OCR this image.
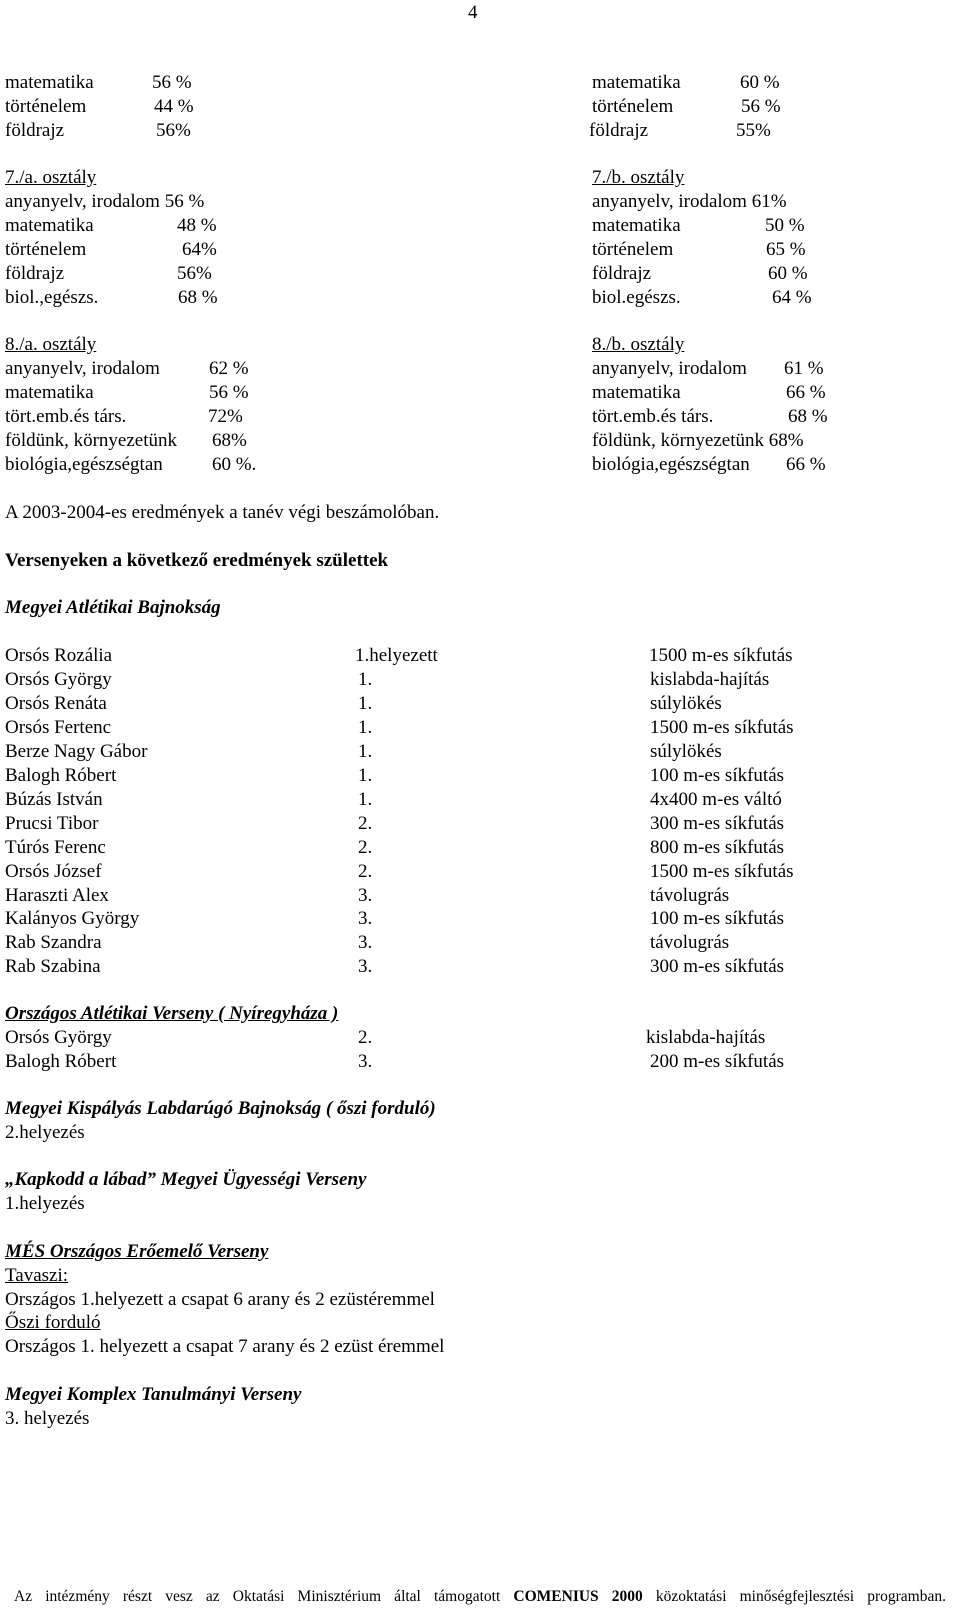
4
matematika	56 %
történelem	44 %
földrajz	56%
matematika	60 %
történelem	56 %
földrajz	55%
7./a. osztály
anyanyelv, irodalom 56 %
matematika	48 %
történelem	64%
földrajz	56%
biol.,egészs.	68 %
7./b. osztály
anyanyelv, irodalom 61%
matematika	50 %
történelem	65 %
földrajz	60 %
biol.egészs.	64 %
8./a. osztály
anyanyelv, irodalom	62 %
matematika	56 %
tört.emb.és társ.	72%
földünk, környezetünk 68%
biológia,egészségtan	60 %.
8./b. osztály
anyanyelv, irodalom 61 %
matematika	66 %
tört.emb.és társ.	68 %
földünk, környezetünk 68%
biológia,egészségtan 66 %
A 2003-2004-es eredmények a tanév végi beszámolóban.
Versenyeken a következő eredmények születtek
Megyei Atlétikai Bajnokság
Orsós Rozália	1.helyezett	1500 m-es síkfutás
Orsós György	1.	kislabda-hajítás
Orsós Renáta	1.	súlylökés
Orsós Fertenc	1.	1500 m-es síkfutás
Berze Nagy Gábor	1.	súlylökés
Balogh Róbert	1.	100 m-es síkfutás
Búzás István	1.	4x400 m-es váltó
Prucsi Tibor	2.	300 m-es síkfutás
Túrós Ferenc	2.	800 m-es síkfutás
Orsós József	2.	1500 m-es síkfutás
Haraszti Alex	3.	távolugrás
Kalányos György	3.	100 m-es síkfutás
Rab Szandra	3.	távolugrás
Rab Szabina	3.	300 m-es síkfutás
Országos Atlétikai Verseny ( Nyíregyháza )
Orsós György	2.	kislabda-hajítás
Balogh Róbert	3.	200 m-es síkfutás
Megyei Kispályás Labdarúgó Bajnokság ( őszi forduló)
2.helyezés
„Kapkodd a lábad” Megyei Ügyességi Verseny
1.helyezés
MÉS Országos Erőemelő Verseny
Tavaszi:
Országos 1.helyezett a csapat 6 arany és 2 ezüstéremmel
Őszi forduló
Országos 1. helyezett a csapat 7 arany és 2 ezüst éremmel
Megyei Komplex Tanulmányi Verseny
3. helyezés
Az intézmény részt vesz az Oktatási Minisztérium által támogatott COMENIUS 2000 közoktatási minőségfejlesztési programban.
